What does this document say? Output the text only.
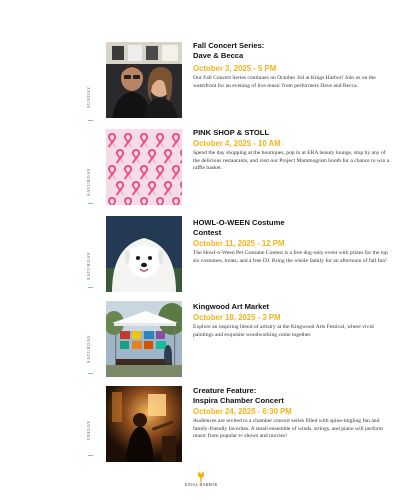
SUNDAY
Fall Concert Series:
Dave & Becca
October 3, 2025 - 5 PM
Our Fall Concert Series continues on October 3rd at Kings Harbor! Join us on the waterfront for an evening of live music from performers Dave and Becca.
SATURDAY
PINK SHOP & STOLL
October 4, 2025 - 10 AM
Spend the day shopping at the boutiques, pop in at ERA beauty lounge, stop by any of the delicious restaurants, and visit our Project Mammogram booth for a chance to win a raffle basket.
SATURDAY
HOWL-O-WEEN Costume
Contest
October 11, 2025 - 12 PM
The Howl-o-Ween Pet Costume Contest is a free dog-only event with prizes for the top six costumes, treats, and a free DJ. Bring the whole family for an afternoon of fall fun!
SATURDAY
Kingwood Art Market
October 18, 2025 - 3 PM
Explore an inspiring blend of artistry at the Kingwood Arts Festival, where vivid paintings and exquisite woodworking come together.
FRIDAY
Creature Feature:
Inspira Chamber Concert
October 24, 2025 - 6:30 PM
Audiences are invited to a chamber concert series filled with spine-tingling fun and family-friendly favorites. A small ensemble of winds, strings, and piano will perform music from popular tv shows and movies!
KINGS HARBOR
